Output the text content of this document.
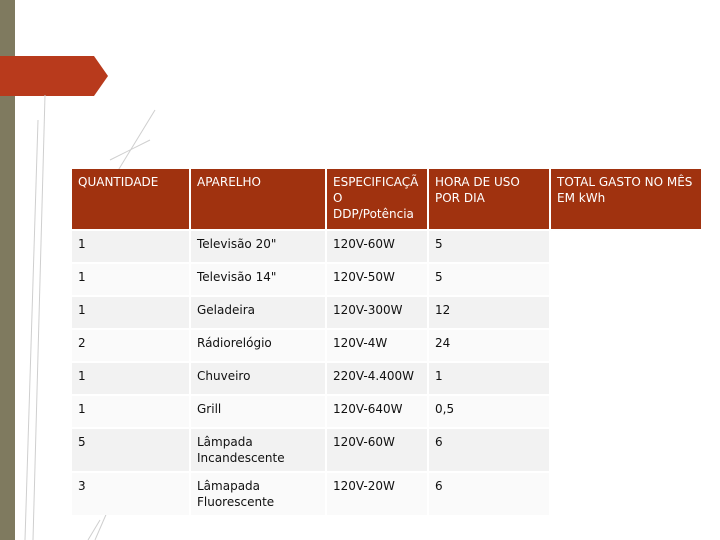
QUANTIDADE	APARELHO	ESPECIFICAÇÃO DDP/Potência	HORA DE USO POR DIA	TOTAL GASTO NO MÊS EM kWh
1	Televisão 20"	120V-60W	5	
1	Televisão 14"	120V-50W	5	
1	Geladeira	120V-300W	12	
2	Rádiorelógio	120V-4W	24	
1	Chuveiro	220V-4.400W	1	
1	Grill	120V-640W	0,5	
5	Lâmpada Incandescente	120V-60W	6	
3	Lâmapada Fluorescente	120V-20W	6	
